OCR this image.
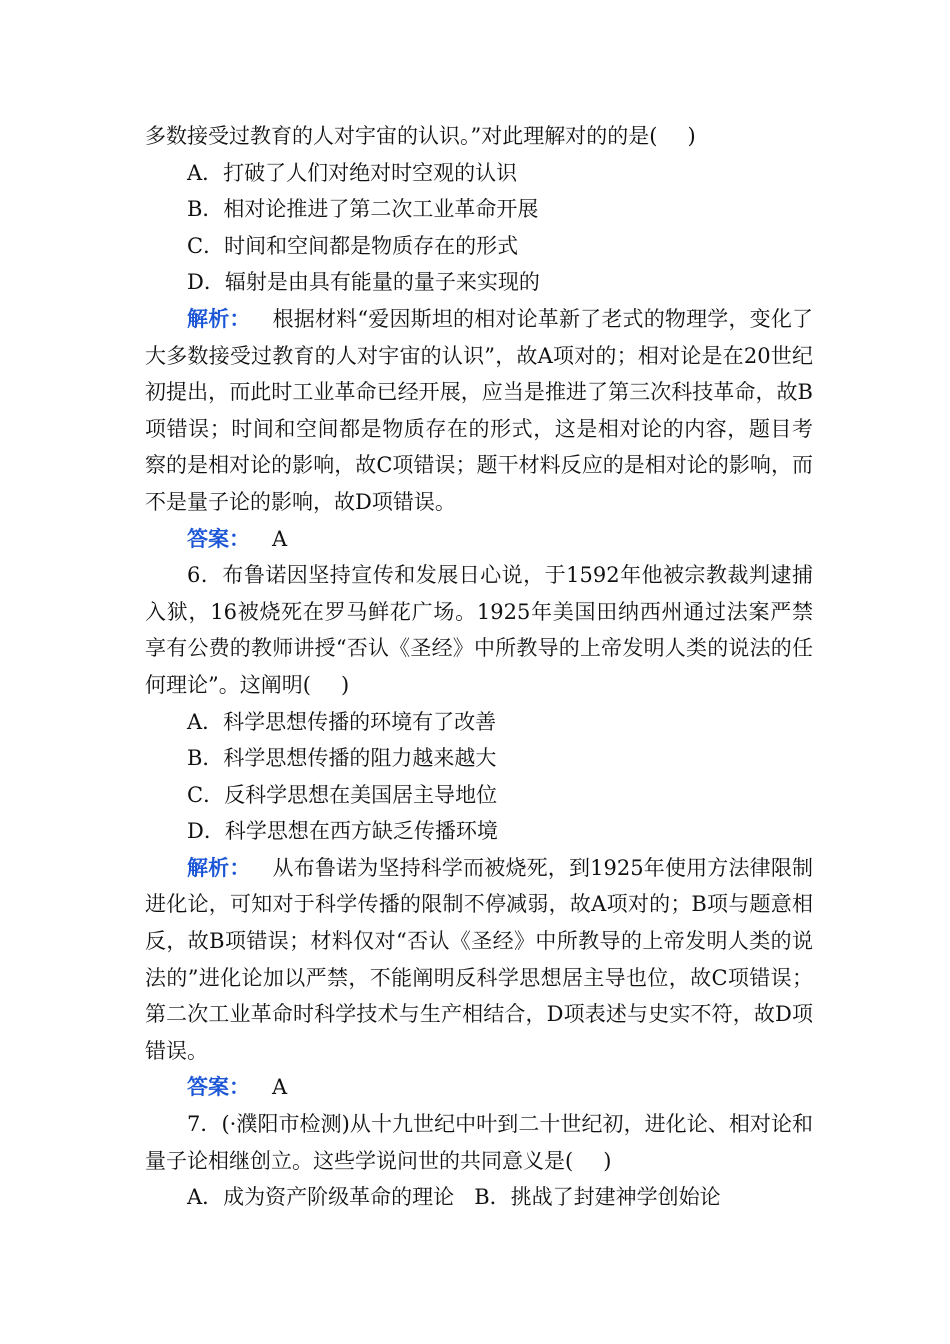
多数接受过教育的人对宇宙的认识。”对此理解对的的是( )

A．打破了人们对绝对时空观的认识

B．相对论推进了第二次工业革命开展

C．时间和空间都是物质存在的形式

D．辐射是由具有能量的量子来实现的

解析： 根据材料“爱因斯坦的相对论革新了老式的物理学，变化了大多数接受过教育的人对宇宙的认识”，故A项对的；相对论是在20世纪初提出，而此时工业革命已经开展，应当是推进了第三次科技革命，故B项错误；时间和空间都是物质存在的形式，这是相对论的内容，题目考察的是相对论的影响，故C项错误；题干材料反应的是相对论的影响，而不是量子论的影响，故D项错误。

答案： A

6．布鲁诺因坚持宣传和发展日心说，于1592年他被宗教裁判逮捕入狱，16被烧死在罗马鲜花广场。1925年美国田纳西州通过法案严禁享有公费的教师讲授“否认《圣经》中所教导的上帝发明人类的说法的任何理论”。这阐明( )

A．科学思想传播的环境有了改善

B．科学思想传播的阻力越来越大

C．反科学思想在美国居主导地位

D．科学思想在西方缺乏传播环境

解析： 从布鲁诺为坚持科学而被烧死，到1925年使用方法律限制进化论，可知对于科学传播的限制不停减弱，故A项对的；B项与题意相反，故B项错误；材料仅对“否认《圣经》中所教导的上帝发明人类的说法的”进化论加以严禁，不能阐明反科学思想居主导也位，故C项错误；第二次工业革命时科学技术与生产相结合，D项表述与史实不符，故D项错误。

答案： A

7．(·濮阳市检测)从十九世纪中叶到二十世纪初，进化论、相对论和量子论相继创立。这些学说问世的共同意义是( )

A．成为资产阶级革命的理论 B．挑战了封建神学创始论
